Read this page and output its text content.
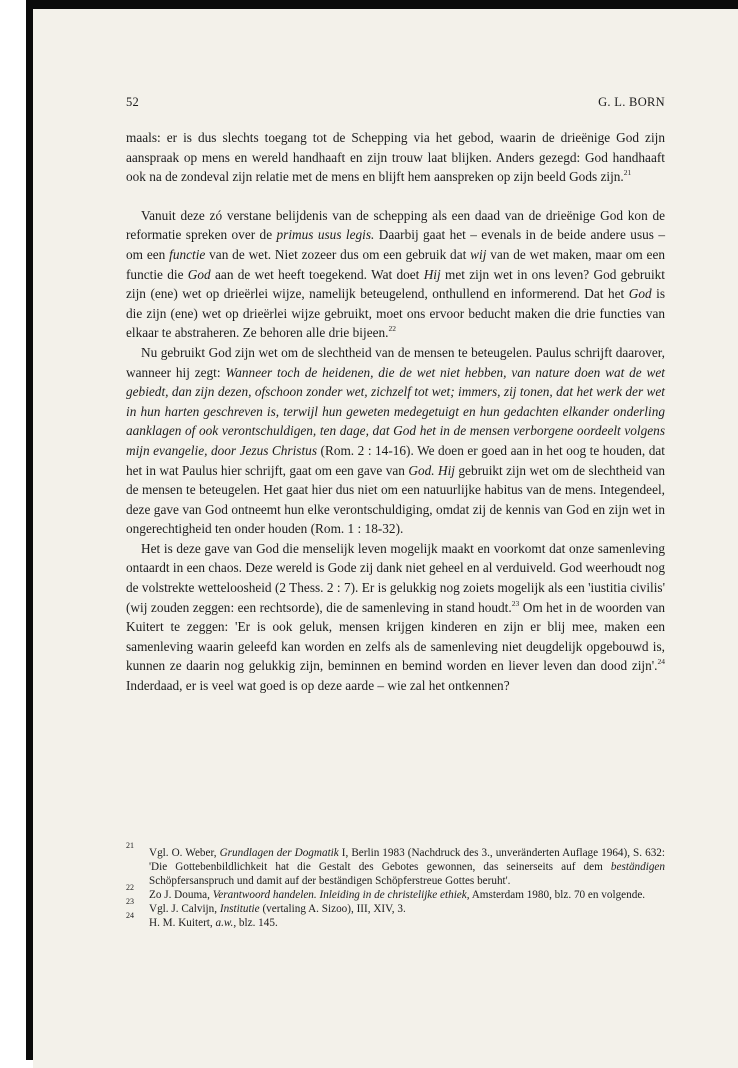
52	G. L. BORN

maals: er is dus slechts toegang tot de Schepping via het gebod, waarin de drieënige God zijn aanspraak op mens en wereld handhaaft en zijn trouw laat blijken. Anders gezegd: God handhaaft ook na de zondeval zijn relatie met de mens en blijft hem aanspreken op zijn beeld Gods zijn.$^{21}$

Vanuit deze zó verstane belijdenis van de schepping als een daad van de drieënige God kon de reformatie spreken over de primus usus legis. Daarbij gaat het – evenals in de beide andere usus – om een functie van de wet. Niet zozeer dus om een gebruik dat wij van de wet maken, maar om een functie die God aan de wet heeft toegekend. Wat doet Hij met zijn wet in ons leven? God gebruikt zijn (ene) wet op drieërlei wijze, namelijk beteugelend, onthullend en informerend. Dat het God is die zijn (ene) wet op drieërlei wijze gebruikt, moet ons ervoor beducht maken die drie functies van elkaar te abstraheren. Ze behoren alle drie bijeen.$^{22}$

Nu gebruikt God zijn wet om de slechtheid van de mensen te beteugelen. Paulus schrijft daarover, wanneer hij zegt: Wanneer toch de heidenen, die de wet niet hebben, van nature doen wat de wet gebiedt, dan zijn dezen, ofschoon zonder wet, zichzelf tot wet; immers, zij tonen, dat het werk der wet in hun harten geschreven is, terwijl hun geweten medegetuigt en hun gedachten elkander onderling aanklagen of ook verontschuldigen, ten dage, dat God het in de mensen verborgene oordeelt volgens mijn evangelie, door Jezus Christus (Rom. 2 : 14-16). We doen er goed aan in het oog te houden, dat het in wat Paulus hier schrijft, gaat om een gave van God. Hij gebruikt zijn wet om de slechtheid van de mensen te beteugelen. Het gaat hier dus niet om een natuurlijke habitus van de mens. Integendeel, deze gave van God ontneemt hun elke verontschuldiging, omdat zij de kennis van God en zijn wet in ongerechtigheid ten onder houden (Rom. 1 : 18-32).

Het is deze gave van God die menselijk leven mogelijk maakt en voorkomt dat onze samenleving ontaardt in een chaos. Deze wereld is Gode zij dank niet geheel en al verduiveld. God weerhoudt nog de volstrekte wetteloosheid (2 Thess. 2 : 7). Er is gelukkig nog zoiets mogelijk als een 'iustitia civilis' (wij zouden zeggen: een rechtsorde), die de samenleving in stand houdt.$^{23}$ Om het in de woorden van Kuitert te zeggen: 'Er is ook geluk, mensen krijgen kinderen en zijn er blij mee, maken een samenleving waarin geleefd kan worden en zelfs als de samenleving niet deugdelijk opgebouwd is, kunnen ze daarin nog gelukkig zijn, beminnen en bemind worden en liever leven dan dood zijn'.$^{24}$ Inderdaad, er is veel wat goed is op deze aarde – wie zal het ontkennen?

21
Vgl. O. Weber, Grundlagen der Dogmatik I, Berlin 1983 (Nachdruck des 3., unveränderten Auflage 1964), S. 632: 'Die Gottebenbildlichkeit hat die Gestalt des Gebotes gewonnen, das seinerseits auf dem beständigen Schöpfersanspruch und damit auf der beständigen Schöpferstreue Gottes beruht'.

22
Zo J. Douma, Verantwoord handelen. Inleiding in de christelijke ethiek, Amsterdam 1980, blz. 70 en volgende.

23
Vgl. J. Calvijn, Institutie (vertaling A. Sizoo), III, XIV, 3.

24
H. M. Kuitert, a.w., blz. 145.
